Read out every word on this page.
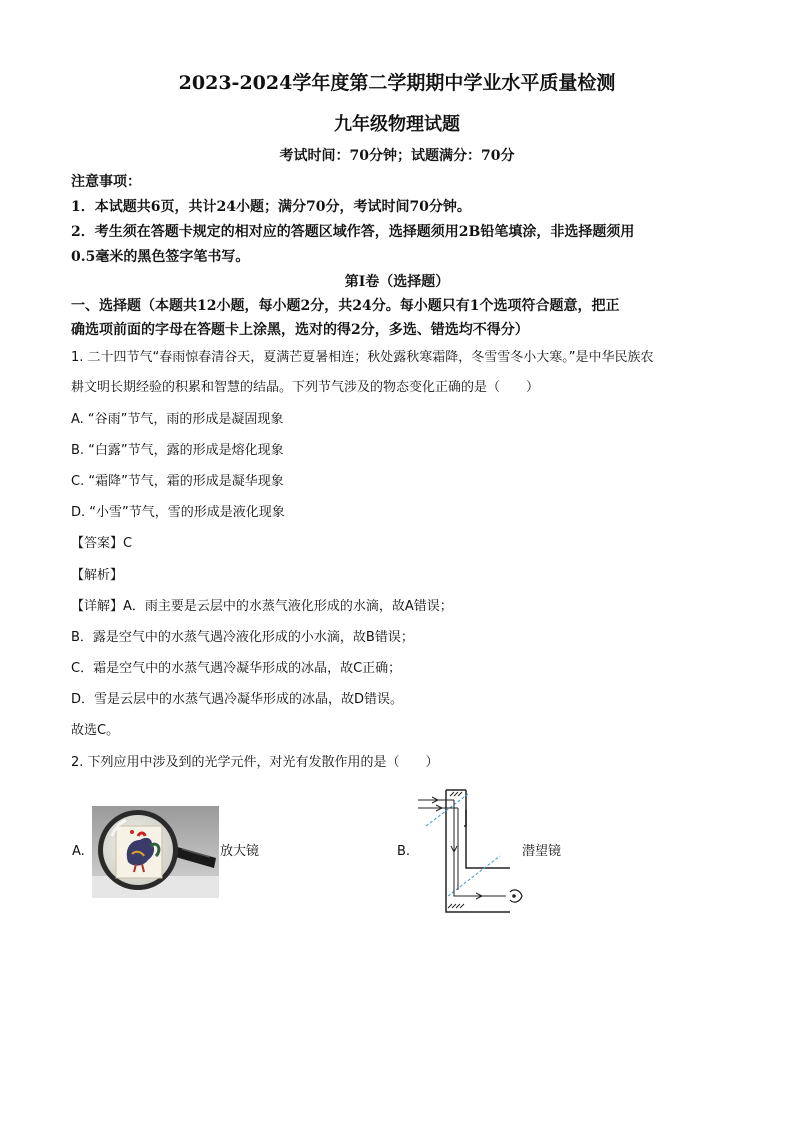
2023-2024学年度第二学期期中学业水平质量检测
九年级物理试题
考试时间：70分钟；试题满分：70分
注意事项：
1．本试题共6页，共计24小题；满分70分，考试时间70分钟。
2．考生须在答题卡规定的相对应的答题区域作答，选择题须用2B铅笔填涂，非选择题须用
0.5毫米的黑色签字笔书写。
第Ⅰ卷（选择题）
一、选择题（本题共12小题，每小题2分，共24分。每小题只有1个选项符合题意，把正
确选项前面的字母在答题卡上涂黑，选对的得2分，多选、错选均不得分）
1. 二十四节气“春雨惊春清谷天，夏满芒夏暑相连；秋处露秋寒霜降，冬雪雪冬小大寒。”是中华民族农
耕文明长期经验的积累和智慧的结晶。下列节气涉及的物态变化正确的是（　　）
A. “谷雨”节气，雨的形成是凝固现象
B. “白露”节气，露的形成是熔化现象
C. “霜降”节气，霜的形成是凝华现象
D. “小雪”节气，雪的形成是液化现象
【答案】C
【解析】
【详解】A．雨主要是云层中的水蒸气液化形成的水滴，故A错误；
B．露是空气中的水蒸气遇冷液化形成的小水滴，故B错误；
C．霜是空气中的水蒸气遇冷凝华形成的冰晶，故C正确；
D．雪是云层中的水蒸气遇冷凝华形成的冰晶，故D错误。
故选C。
2. 下列应用中涉及到的光学元件，对光有发散作用的是（　　）
A.	放大镜	B.	潜望镜
